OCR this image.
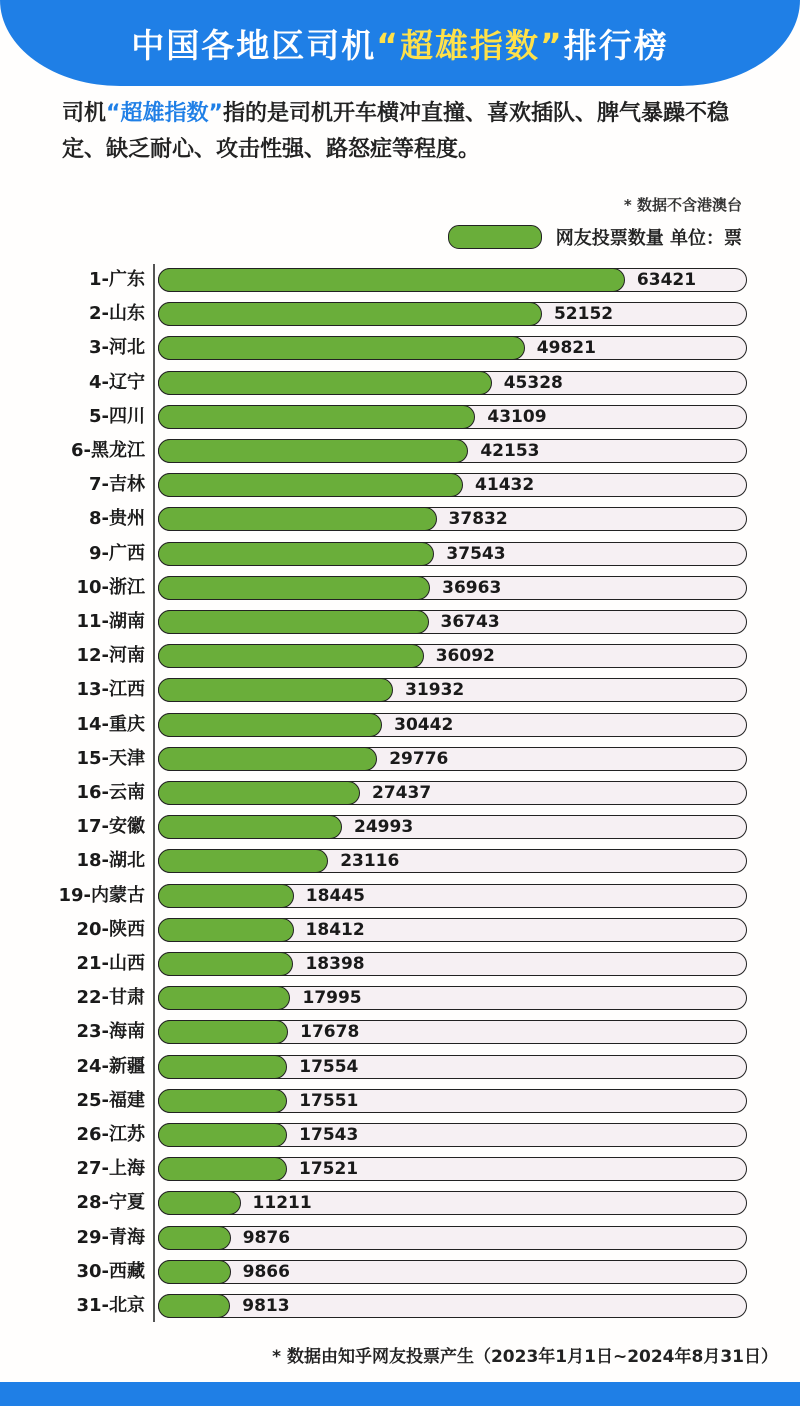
中国各地区司机“超雄指数”排行榜
司机“超雄指数”指的是司机开车横冲直撞、喜欢插队、脾气暴躁不稳定、缺乏耐心、攻击性强、路怒症等程度。
* 数据不含港澳台
网友投票数量 单位：票
1-广东	63421
2-山东	52152
3-河北	49821
4-辽宁	45328
5-四川	43109
6-黑龙江	42153
7-吉林	41432
8-贵州	37832
9-广西	37543
10-浙江	36963
11-湖南	36743
12-河南	36092
13-江西	31932
14-重庆	30442
15-天津	29776
16-云南	27437
17-安徽	24993
18-湖北	23116
19-内蒙古	18445
20-陕西	18412
21-山西	18398
22-甘肃	17995
23-海南	17678
24-新疆	17554
25-福建	17551
26-江苏	17543
27-上海	17521
28-宁夏	11211
29-青海	9876
30-西藏	9866
31-北京	9813
* 数据由知乎网友投票产生（2023年1月1日~2024年8月31日）
